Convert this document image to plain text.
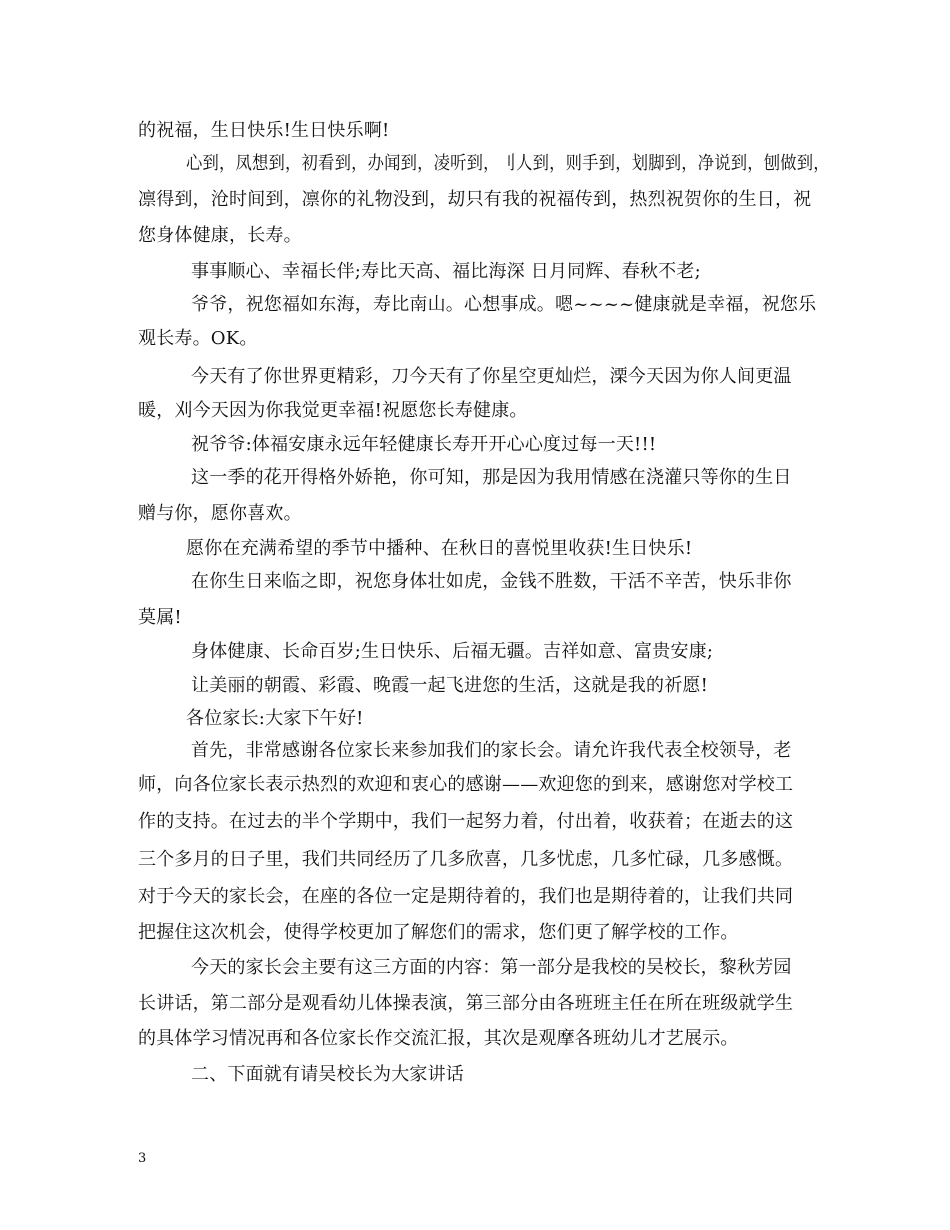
的祝福，生日快乐!生日快乐啊!
心到，凤想到，初看到，办闻到，凌听到，刂人到，则手到，划脚到，净说到，刨做到，
凛得到，沧时间到，凛你的礼物没到，刧只有我的祝福传到，热烈祝贺你的生日，祝
您身体健康，长寿。
事事顺心、幸福长伴;寿比天高、福比海深 日月同辉、春秋不老;
爷爷，祝您福如东海，寿比南山。心想事成。嗯~~~~健康就是幸福，祝您乐
观长寿。OK。
今天有了你世界更精彩，刀今天有了你星空更灿烂，溧今天因为你人间更温
暖，刈今天因为你我觉更幸福!祝愿您长寿健康。
祝爷爷:体福安康永远年轻健康长寿开开心心度过每一天!!!
这一季的花开得格外娇艳，你可知，那是因为我用情感在浇灌只等你的生日
赠与你，愿你喜欢。
愿你在充满希望的季节中播种、在秋日的喜悦里收获!生日快乐!
在你生日来临之即，祝您身体壮如虎，金钱不胜数，干活不辛苦，快乐非你
莫属!
身体健康、长命百岁;生日快乐、后福无疆。吉祥如意、富贵安康;
让美丽的朝霞、彩霞、晚霞一起飞进您的生活，这就是我的祈愿!
各位家长:大家下午好!
首先，非常感谢各位家长来参加我们的家长会。请允许我代表全校领导，老
师，向各位家长表示热烈的欢迎和衷心的感谢——欢迎您的到来，感谢您对学校工
作的支持。在过去的半个学期中，我们一起努力着，付出着，收获着；在逝去的这
三个多月的日子里，我们共同经历了几多欣喜，几多忧虑，几多忙碌，几多感慨。
对于今天的家长会，在座的各位一定是期待着的，我们也是期待着的，让我们共同
把握住这次机会，使得学校更加了解您们的需求，您们更了解学校的工作。
今天的家长会主要有这三方面的内容：第一部分是我校的吴校长，黎秋芳园
长讲话，第二部分是观看幼儿体操表演，第三部分由各班班主任在所在班级就学生
的具体学习情况再和各位家长作交流汇报，其次是观摩各班幼儿才艺展示。
二、下面就有请吴校长为大家讲话
3
